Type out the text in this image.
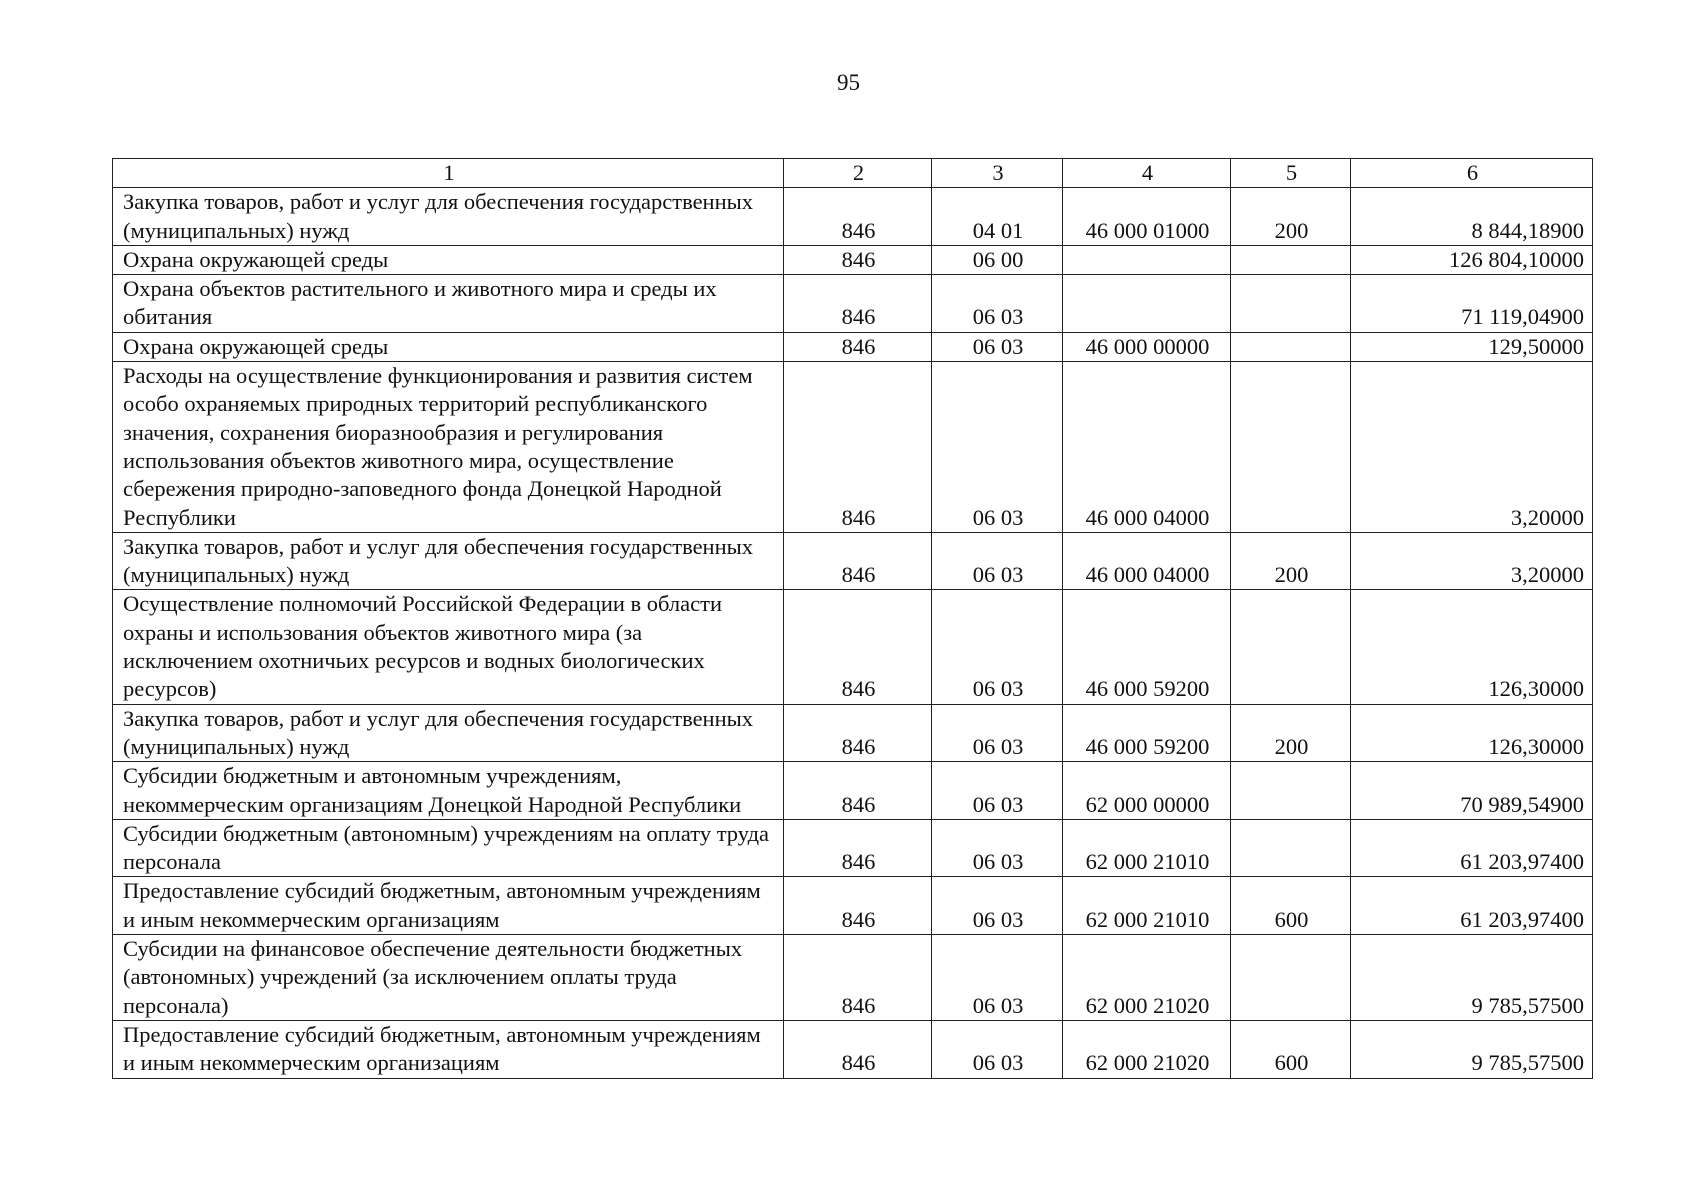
95
1	2	3	4	5	6
Закупка товаров, работ и услуг для обеспечения государственных (муниципальных) нужд	846	04 01	46 000 01000	200	8 844,18900
Охрана окружающей среды	846	06 00			126 804,10000
Охрана объектов растительного и животного мира и среды их обитания	846	06 03			71 119,04900
Охрана окружающей среды	846	06 03	46 000 00000		129,50000
Расходы на осуществление функционирования и развития систем особо охраняемых природных территорий республиканского значения, сохранения биоразнообразия и регулирования использования объектов животного мира, осуществление сбережения природно-заповедного фонда Донецкой Народной Республики	846	06 03	46 000 04000		3,20000
Закупка товаров, работ и услуг для обеспечения государственных (муниципальных) нужд	846	06 03	46 000 04000	200	3,20000
Осуществление полномочий Российской Федерации в области охраны и использования объектов животного мира (за исключением охотничьих ресурсов и водных биологических ресурсов)	846	06 03	46 000 59200		126,30000
Закупка товаров, работ и услуг для обеспечения государственных (муниципальных) нужд	846	06 03	46 000 59200	200	126,30000
Субсидии бюджетным и автономным учреждениям, некоммерческим организациям Донецкой Народной Республики	846	06 03	62 000 00000		70 989,54900
Субсидии бюджетным (автономным) учреждениям на оплату труда персонала	846	06 03	62 000 21010		61 203,97400
Предоставление субсидий бюджетным, автономным учреждениям и иным некоммерческим организациям	846	06 03	62 000 21010	600	61 203,97400
Субсидии на финансовое обеспечение деятельности бюджетных (автономных) учреждений (за исключением оплаты труда персонала)	846	06 03	62 000 21020		9 785,57500
Предоставление субсидий бюджетным, автономным учреждениям и иным некоммерческим организациям	846	06 03	62 000 21020	600	9 785,57500
